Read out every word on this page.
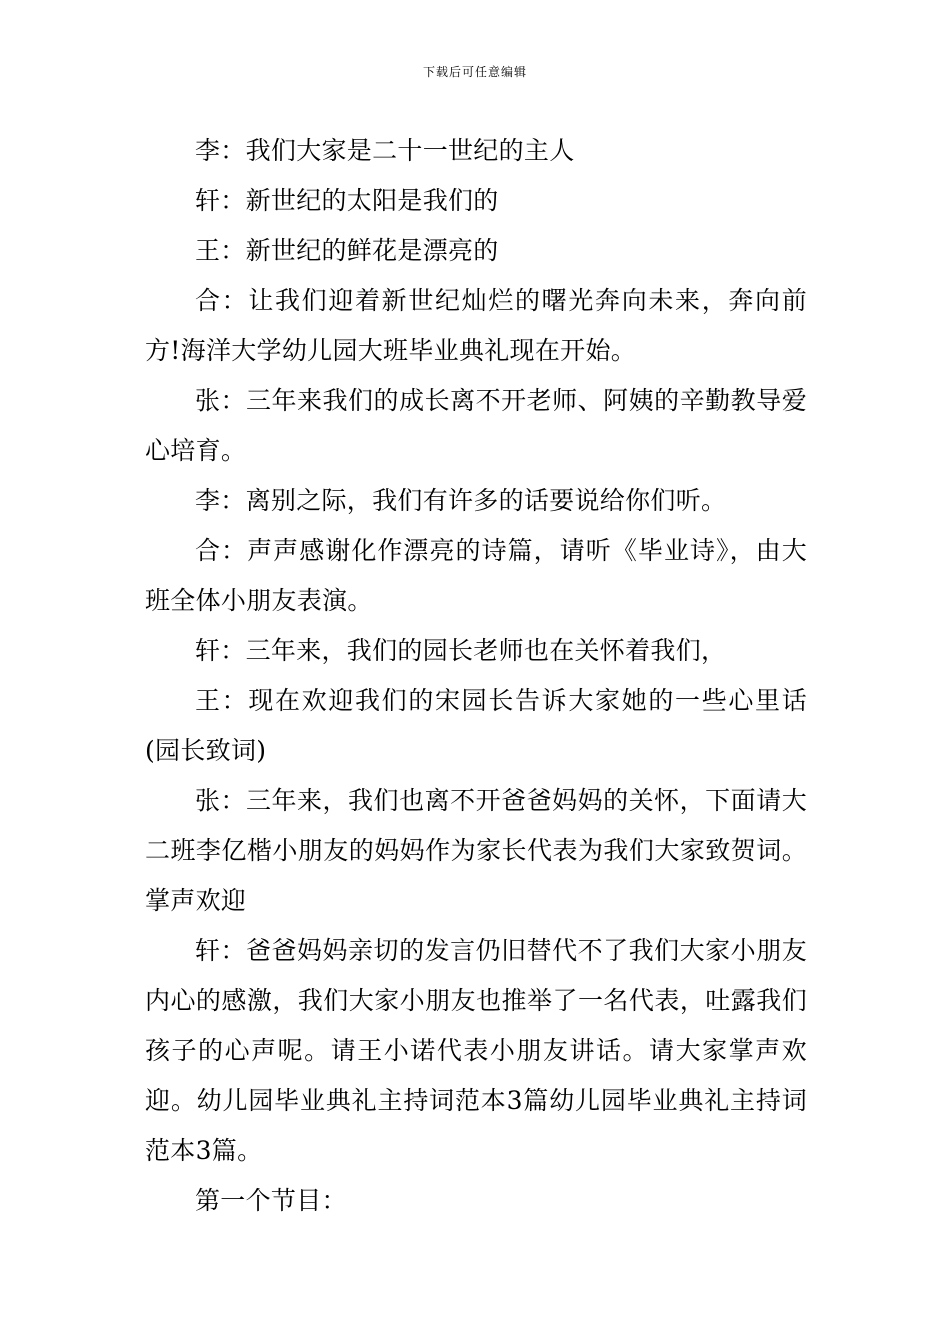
下载后可任意编辑

李：我们大家是二十一世纪的主人

轩：新世纪的太阳是我们的

王：新世纪的鲜花是漂亮的

合：让我们迎着新世纪灿烂的曙光奔向未来，奔向前方!海洋大学幼儿园大班毕业典礼现在开始。

张：三年来我们的成长离不开老师、阿姨的辛勤教导爱心培育。

李：离别之际，我们有许多的话要说给你们听。

合：声声感谢化作漂亮的诗篇，请听《毕业诗》，由大班全体小朋友表演。

轩：三年来，我们的园长老师也在关怀着我们，

王：现在欢迎我们的宋园长告诉大家她的一些心里话(园长致词)

张：三年来，我们也离不开爸爸妈妈的关怀，下面请大二班李亿楷小朋友的妈妈作为家长代表为我们大家致贺词。掌声欢迎

轩：爸爸妈妈亲切的发言仍旧替代不了我们大家小朋友内心的感激，我们大家小朋友也推举了一名代表，吐露我们孩子的心声呢。请王小诺代表小朋友讲话。请大家掌声欢迎。幼儿园毕业典礼主持词范本3篇幼儿园毕业典礼主持词范本3篇。

第一个节目：
